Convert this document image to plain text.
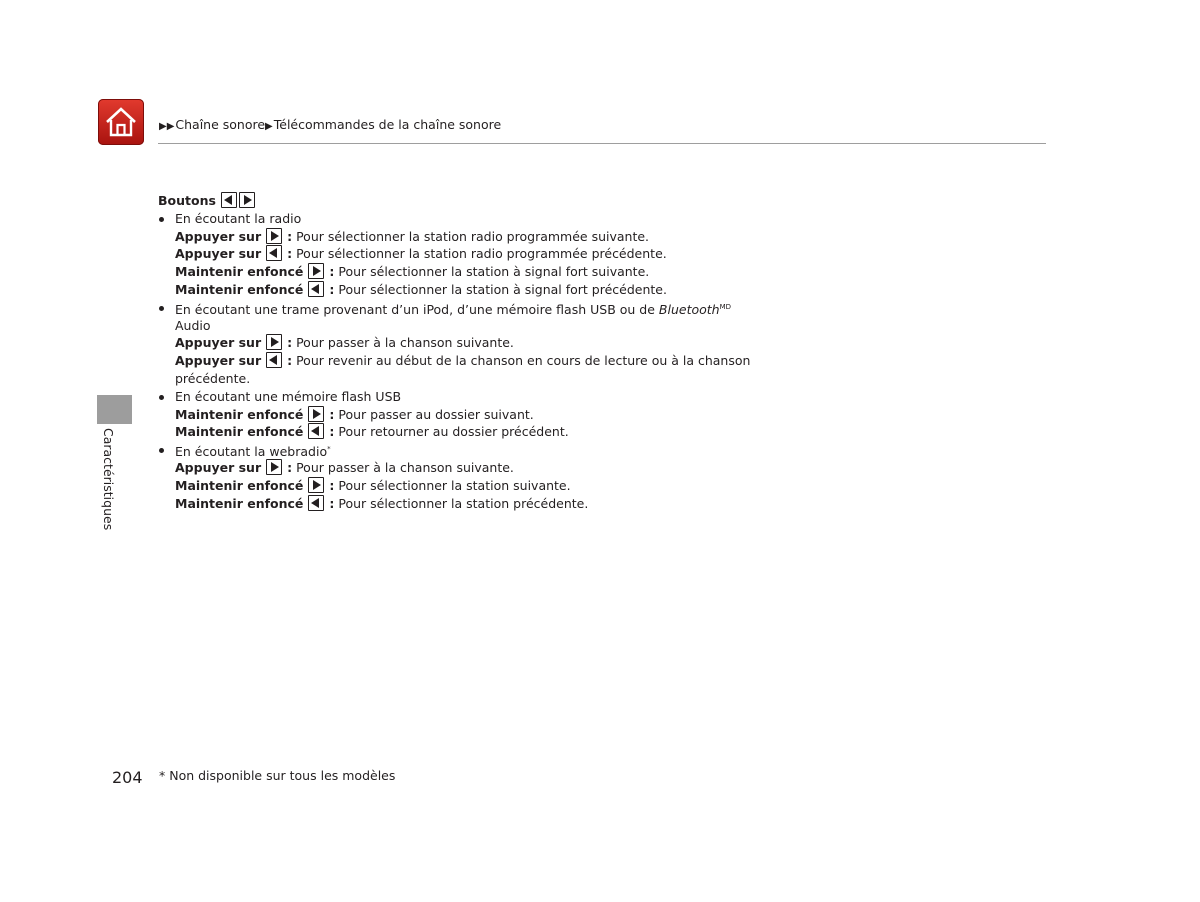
▶▶Chaîne sonore▶Télécommandes de la chaîne sonore
Caractéristiques
Boutons
En écoutant la radio
Appuyer sur : Pour sélectionner la station radio programmée suivante.
Appuyer sur : Pour sélectionner la station radio programmée précédente.
Maintenir enfoncé : Pour sélectionner la station à signal fort suivante.
Maintenir enfoncé : Pour sélectionner la station à signal fort précédente.
En écoutant une trame provenant d’un iPod, d’une mémoire flash USB ou de Bluetooth$^{MD}$
Audio
Appuyer sur : Pour passer à la chanson suivante.
Appuyer sur : Pour revenir au début de la chanson en cours de lecture ou à la chanson
précédente.
En écoutant une mémoire flash USB
Maintenir enfoncé : Pour passer au dossier suivant.
Maintenir enfoncé : Pour retourner au dossier précédent.
En écoutant la webradio*
Appuyer sur : Pour passer à la chanson suivante.
Maintenir enfoncé : Pour sélectionner la station suivante.
Maintenir enfoncé : Pour sélectionner la station précédente.
204 * Non disponible sur tous les modèles
